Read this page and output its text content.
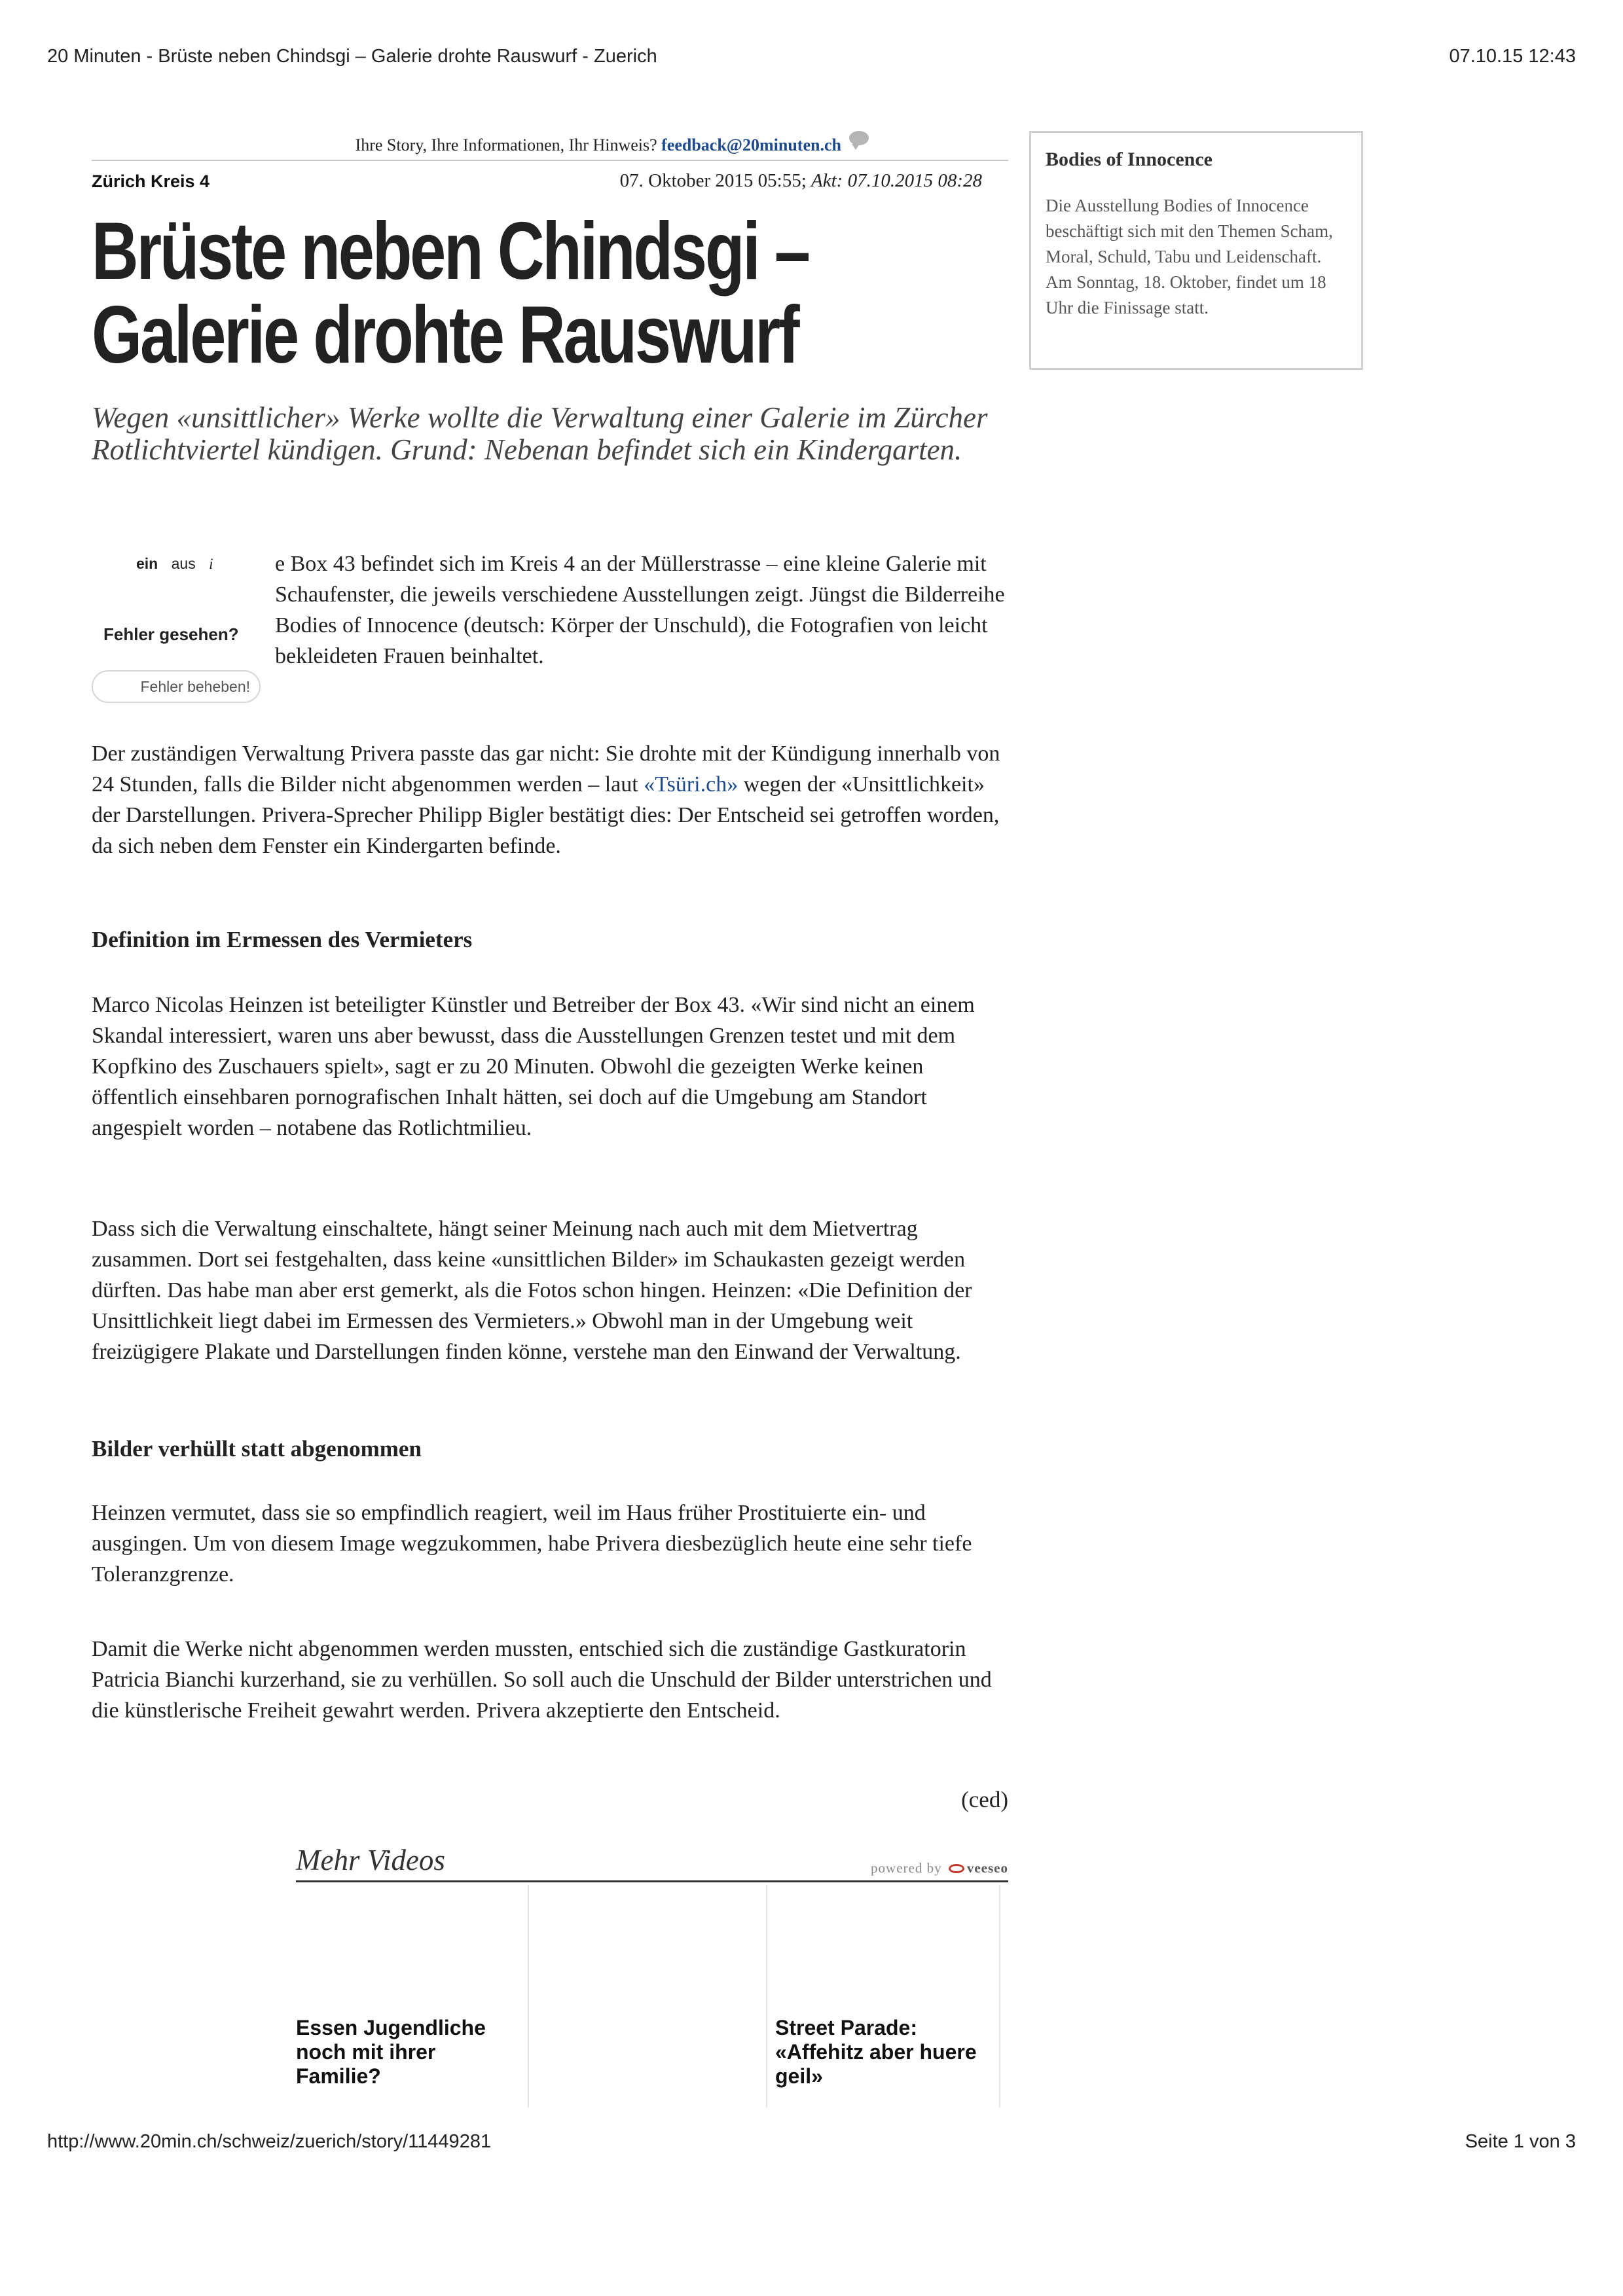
20 Minuten - Brüste neben Chindsgi – Galerie drohte Rauswurf - Zuerich	07.10.15 12:43
Ihre Story, Ihre Informationen, Ihr Hinweis? feedback@20minuten.ch
Zürich Kreis 4	07. Oktober 2015 05:55; Akt: 07.10.2015 08:28
Brüste neben Chindsgi –
Galerie drohte Rauswurf

Wegen «unsittlicher» Werke wollte die Verwaltung einer Galerie im Zürcher Rotlichtviertel kündigen. Grund: Nebenan befindet sich ein Kindergarten.

ein aus i
Fehler gesehen?
Fehler beheben!

e Box 43 befindet sich im Kreis 4 an der Müllerstrasse – eine kleine Galerie mit Schaufenster, die jeweils verschiedene Ausstellungen zeigt. Jüngst die Bilderreihe Bodies of Innocence (deutsch: Körper der Unschuld), die Fotografien von leicht bekleideten Frauen beinhaltet.

Der zuständigen Verwaltung Privera passte das gar nicht: Sie drohte mit der Kündigung innerhalb von 24 Stunden, falls die Bilder nicht abgenommen werden – laut «Tsüri.ch» wegen der «Unsittlichkeit» der Darstellungen. Privera-Sprecher Philipp Bigler bestätigt dies: Der Entscheid sei getroffen worden, da sich neben dem Fenster ein Kindergarten befinde.

Definition im Ermessen des Vermieters

Marco Nicolas Heinzen ist beteiligter Künstler und Betreiber der Box 43. «Wir sind nicht an einem Skandal interessiert, waren uns aber bewusst, dass die Ausstellungen Grenzen testet und mit dem Kopfkino des Zuschauers spielt», sagt er zu 20 Minuten. Obwohl die gezeigten Werke keinen öffentlich einsehbaren pornografischen Inhalt hätten, sei doch auf die Umgebung am Standort angespielt worden – notabene das Rotlichtmilieu.

Dass sich die Verwaltung einschaltete, hängt seiner Meinung nach auch mit dem Mietvertrag zusammen. Dort sei festgehalten, dass keine «unsittlichen Bilder» im Schaukasten gezeigt werden dürften. Das habe man aber erst gemerkt, als die Fotos schon hingen. Heinzen: «Die Definition der Unsittlichkeit liegt dabei im Ermessen des Vermieters.» Obwohl man in der Umgebung weit freizügigere Plakate und Darstellungen finden könne, verstehe man den Einwand der Verwaltung.

Bilder verhüllt statt abgenommen

Heinzen vermutet, dass sie so empfindlich reagiert, weil im Haus früher Prostituierte ein- und ausgingen. Um von diesem Image wegzukommen, habe Privera diesbezüglich heute eine sehr tiefe Toleranzgrenze.

Damit die Werke nicht abgenommen werden mussten, entschied sich die zuständige Gastkuratorin Patricia Bianchi kurzerhand, sie zu verhüllen. So soll auch die Unschuld der Bilder unterstrichen und die künstlerische Freiheit gewahrt werden. Privera akzeptierte den Entscheid.

(ced)
Mehr Videos	powered by veeseo
Essen Jugendliche noch mit ihrer Familie?
Street Parade: «Affehitz aber huere geil»
Bodies of Innocence
Die Ausstellung Bodies of Innocence beschäftigt sich mit den Themen Scham, Moral, Schuld, Tabu und Leidenschaft. Am Sonntag, 18. Oktober, findet um 18 Uhr die Finissage statt.
http://www.20min.ch/schweiz/zuerich/story/11449281	Seite 1 von 3
